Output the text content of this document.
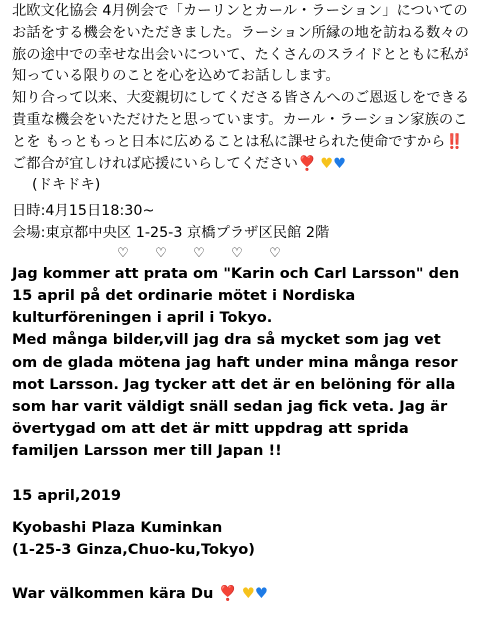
北欧文化協会 4月例会で「カーリンとカール・ラーション」についてのお話をする機会をいただきました。ラーション所縁の地を訪ねる数々の旅の途中での幸せな出会いについて、たくさんのスライドとともに私が知っている限りのことを心を込めてお話しします。

知り合って以来、大変親切にしてくださる皆さんへのご恩返しをできる貴重な機会をいただけたと思っています。カール・ラーション家族のことを もっともっと日本に広めることは私に課せられた使命ですから‼️

ご都合が宜しければ応援にいらしてください❣️ ♥♥

(ドキドキ)

日時:4月15日18:30~

会場:東京都中央区 1-25-3 京橋プラザ区民館 2階

♡ ♡ ♡ ♡ ♡

Jag kommer att prata om "Karin och Carl Larsson" den 15 april på det ordinarie mötet i Nordiska kulturföreningen i april i Tokyo.

Med många bilder,vill jag dra så mycket som jag vet om de glada mötena jag haft under mina många resor mot Larsson. Jag tycker att det är en belöning för alla som har varit väldigt snäll sedan jag fick veta. Jag är övertygad om att det är mitt uppdrag att sprida familjen Larsson mer till Japan !!

15 april,2019

Kyobashi Plaza Kuminkan

(1-25-3 Ginza,Chuo-ku,Tokyo)

War välkommen kära Du ❣️ ♥♥
